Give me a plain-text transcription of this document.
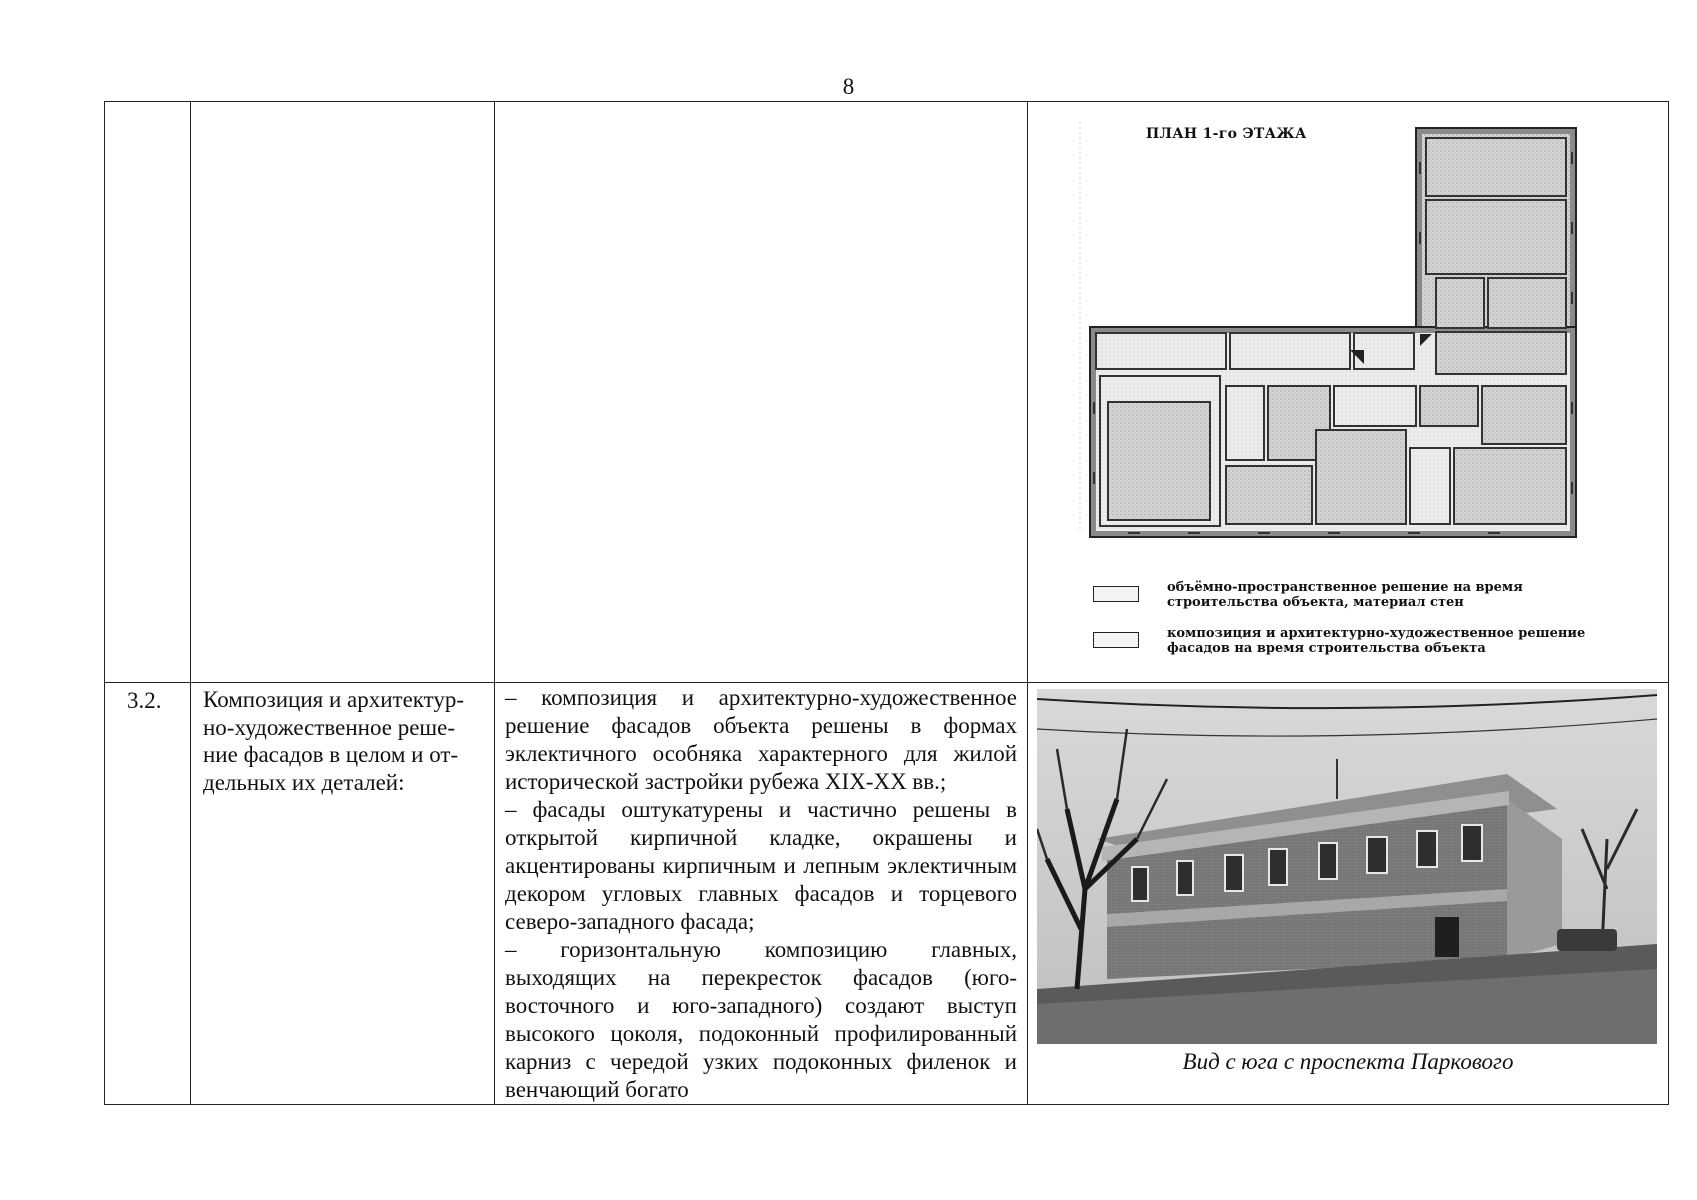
8

			ПЛАН 1-го ЭТАЖА
объёмно-пространственное решение на время строительства объекта, материал стен
композиция и архитектурно-художественное решение фасадов на время строительства объекта

3.2.	Композиция и архитектур-но-художественное реше-ние фасадов в целом и от-дельных их деталей:	– композиция и архитектурно-художественное решение фасадов объекта решены в формах эклектичного особняка характерного для жилой исторической застройки рубежа XIX-XX вв.;

– фасады оштукатурены и частично решены в открытой кирпичной кладке, окрашены и акцентированы кирпичным и лепным эклектичным декором угловых главных фасадов и торцевого северо-западного фасада;

– горизонтальную композицию главных, выходящих на перекресток фасадов (юго-восточного и юго-западного) создают выступ высокого цоколя, подоконный профилированный карниз с чередой узких подоконных филенок и венчающий богато	Вид с юга с проспекта Паркового
